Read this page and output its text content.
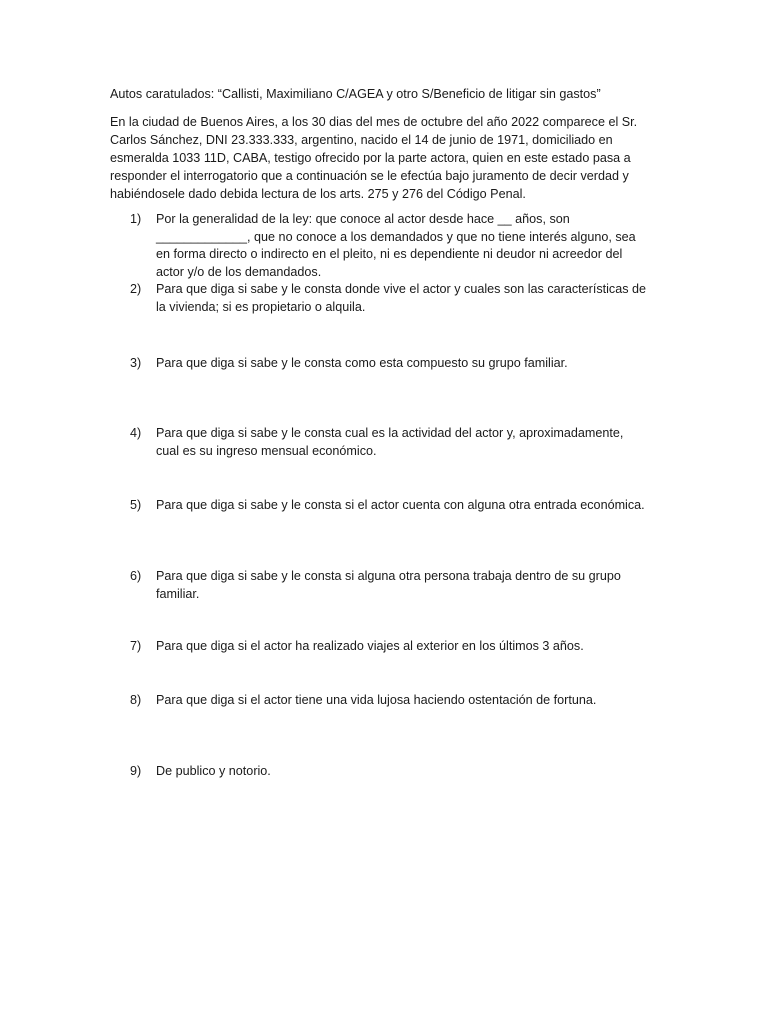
Autos caratulados: “Callisti, Maximiliano C/AGEA y otro S/Beneficio de litigar sin gastos”
En la ciudad de Buenos Aires, a los 30 dias del mes de octubre del año 2022 comparece el Sr.
Carlos Sánchez, DNI 23.333.333, argentino, nacido el 14 de junio de 1971, domiciliado en
esmeralda 1033 11D, CABA, testigo ofrecido por la parte actora, quien en este estado pasa a
responder el interrogatorio que a continuación se le efectúa bajo juramento de decir verdad y
habiéndosele dado debida lectura de los arts. 275 y 276 del Código Penal.
1)	Por la generalidad de la ley: que conoce al actor desde hace __ años, son
_____________, que no conoce a los demandados y que no tiene interés alguno, sea
en forma directo o indirecto en el pleito, ni es dependiente ni deudor ni acreedor del
actor y/o de los demandados.
2)	Para que diga si sabe y le consta donde vive el actor y cuales son las características de
la vivienda; si es propietario o alquila.
3)	Para que diga si sabe y le consta como esta compuesto su grupo familiar.
4)	Para que diga si sabe y le consta cual es la actividad del actor y, aproximadamente,
cual es su ingreso mensual económico.
5)	Para que diga si sabe y le consta si el actor cuenta con alguna otra entrada económica.
6)	Para que diga si sabe y le consta si alguna otra persona trabaja dentro de su grupo
familiar.
7)	Para que diga si el actor ha realizado viajes al exterior en los últimos 3 años.
8)	Para que diga si el actor tiene una vida lujosa haciendo ostentación de fortuna.
9)	De publico y notorio.
